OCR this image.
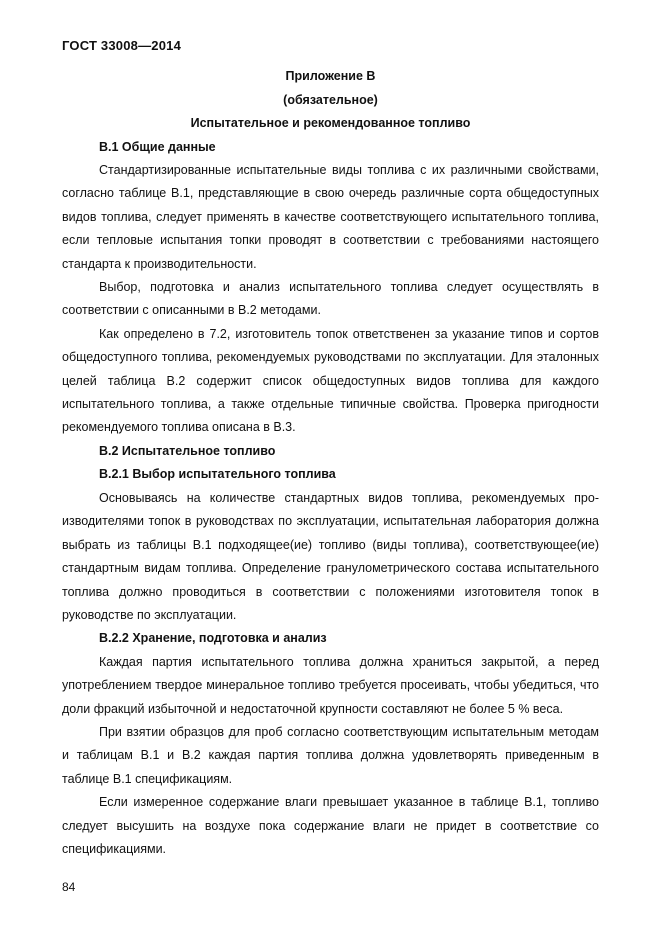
ГОСТ 33008—2014
Приложение В
(обязательное)
Испытательное и рекомендованное топливо
В.1 Общие данные

Стандартизированные испытательные виды топлива с их различными свойствами, согласно таблице В.1, представляющие в свою очередь различные сорта общедоступных видов топлива, следует применять в качестве соответствующего испытательного топлива, если тепловые испытания топки проводят в соответствии с требованиями настоящего стандарта к производительности.

Выбор, подготовка и анализ испытательного топлива следует осуществлять в соответствии с описанными в В.2 методами.

Как определено в 7.2, изготовитель топок ответственен за указание типов и сортов общедоступного топлива, рекомендуемых руководствами по эксплуатации. Для эталонных целей таблица В.2 содержит список общедоступных видов топлива для каждого испытательного топлива, а также отдельные типичные свойства. Проверка пригодности рекомендуемого топлива описана в В.3.

В.2 Испытательное топливо
В.2.1 Выбор испытательного топлива

Основываясь на количестве стандартных видов топлива, рекомендуемых производителями топок в руководствах по эксплуатации, испытательная лаборатория должна выбрать из таблицы В.1 подходящее(ие) топливо (виды топлива), соответствующее(ие) стандартным видам топлива. Определение гранулометрического состава испытательного топлива должно проводиться в соответствии с положениями изготовителя топок в руководстве по эксплуатации.

В.2.2 Хранение, подготовка и анализ

Каждая партия испытательного топлива должна храниться закрытой, а перед употреблением твердое минеральное топливо требуется просеивать, чтобы убедиться, что доли фракций избыточной и недостаточной крупности составляют не более 5 % веса.

При взятии образцов для проб согласно соответствующим испытательным методам и таблицам В.1 и В.2 каждая партия топлива должна удовлетворять приведенным в таблице В.1 спецификациям.

Если измеренное содержание влаги превышает указанное в таблице В.1, топливо следует высушить на воздухе пока содержание влаги не придет в соответствие со спецификациями.

84
